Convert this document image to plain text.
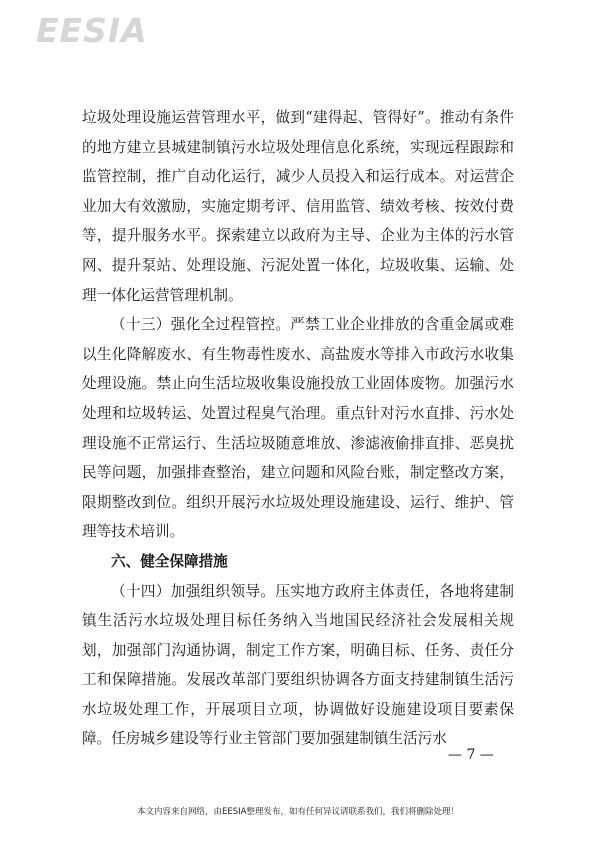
EESIA

垃圾处理设施运营管理水平，做到“建得起、管得好”。推动有条件的地方建立县城建制镇污水垃圾处理信息化系统，实现远程跟踪和监管控制，推广自动化运行，减少人员投入和运行成本。对运营企业加大有效激励，实施定期考评、信用监管、绩效考核、按效付费等，提升服务水平。探索建立以政府为主导、企业为主体的污水管网、提升泵站、处理设施、污泥处置一体化，垃圾收集、运输、处理一体化运营管理机制。

（十三）强化全过程管控。严禁工业企业排放的含重金属或难以生化降解废水、有生物毒性废水、高盐废水等排入市政污水收集处理设施。禁止向生活垃圾收集设施投放工业固体废物。加强污水处理和垃圾转运、处置过程臭气治理。重点针对污水直排、污水处理设施不正常运行、生活垃圾随意堆放、渗滤液偷排直排、恶臭扰民等问题，加强排查整治，建立问题和风险台账，制定整改方案，限期整改到位。组织开展污水垃圾处理设施建设、运行、维护、管理等技术培训。

六、健全保障措施

（十四）加强组织领导。压实地方政府主体责任，各地将建制镇生活污水垃圾处理目标任务纳入当地国民经济社会发展相关规划，加强部门沟通协调，制定工作方案，明确目标、任务、责任分工和保障措施。发展改革部门要组织协调各方面支持建制镇生活污水垃圾处理工作，开展项目立项，协调做好设施建设项目要素保障。任房城乡建设等行业主管部门要加强建制镇生活污水

— 7 —
本文内容来自网络，由EESIA整理发布，如有任何异议请联系我们，我们将删除处理！
